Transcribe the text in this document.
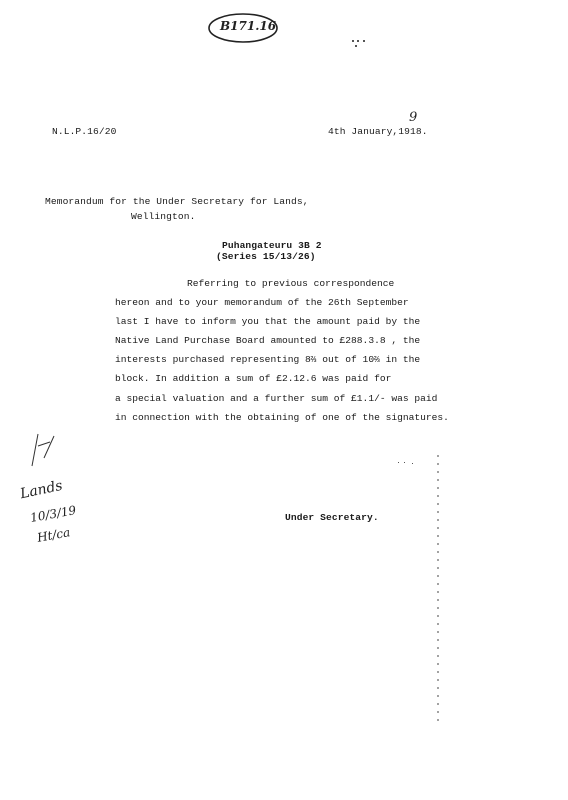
B171.16
N.L.P.16/20	4th January,1918.
9
Memorandum for the Under Secretary for Lands,
Wellington.
Puhangateuru 3B 2
(Series 15/13/26)
Referring to previous correspondence
hereon and to your memorandum of the 26th September
last I have to inform you that the amount paid by the
Native Land Purchase Board amounted to £288.3.8 , the
interests purchased representing 8⅔ out of 10⅔ in the
block. In addition a sum of £2.12.6 was paid for
a special valuation and a further sum of £1.1/- was paid
in connection with the obtaining of one of the signatures.
Under Secretary.
Lands
10/3/19
Ht/ca
